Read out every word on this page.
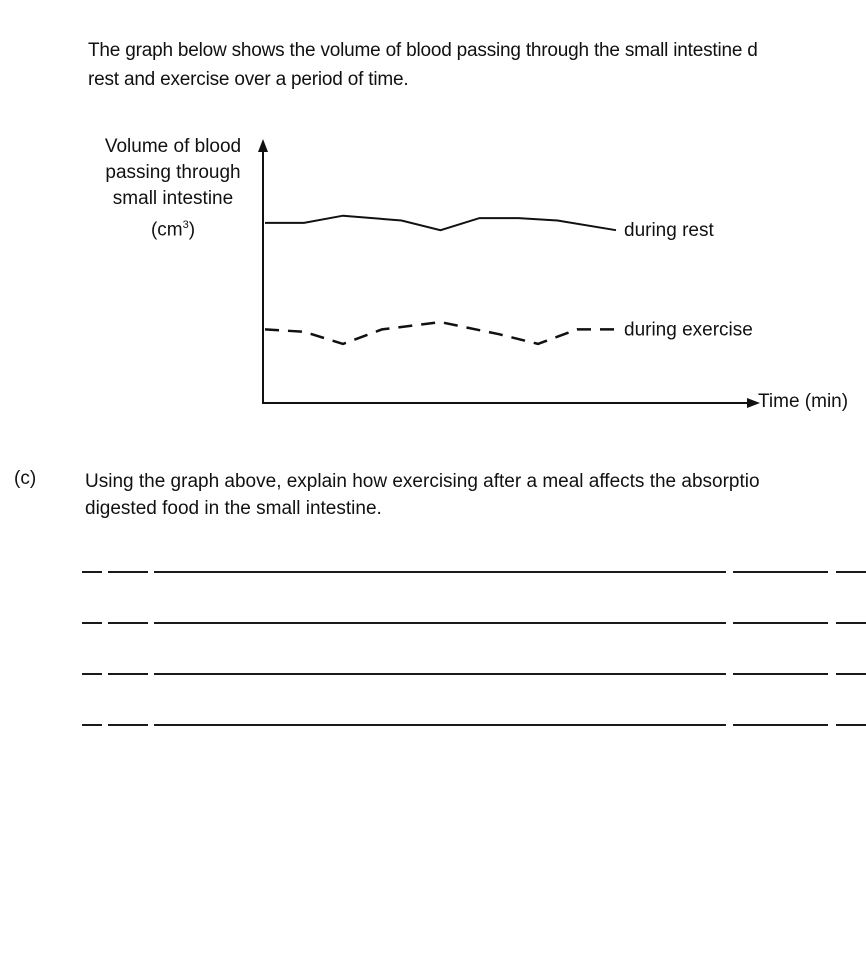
The graph below shows the volume of blood passing through the small intestine d
rest and exercise over a period of time.
Volume of blood
passing through
small intestine
$(cm^3)$
Time (min)
during rest
during exercise
(c)	Using the graph above, explain how exercising after a meal affects the absorptio
digested food in the small intestine.
